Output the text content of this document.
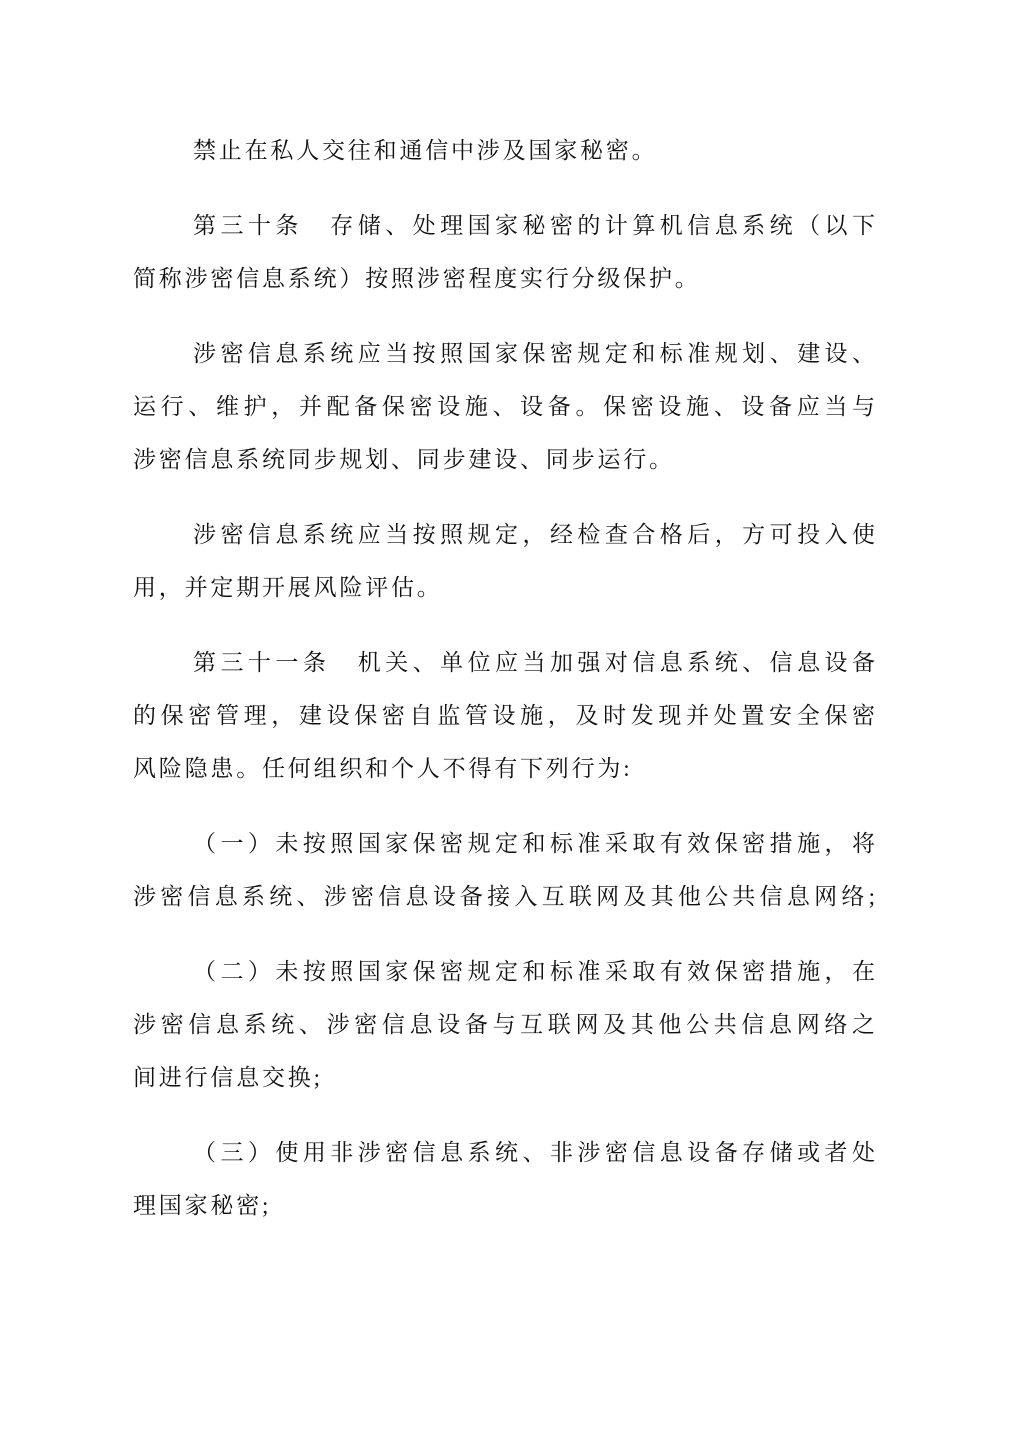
禁止在私人交往和通信中涉及国家秘密。
第三十条　存储、处理国家秘密的计算机信息系统（以下
简称涉密信息系统）按照涉密程度实行分级保护。
涉密信息系统应当按照国家保密规定和标准规划、建设、
运行、维护，并配备保密设施、设备。保密设施、设备应当与
涉密信息系统同步规划、同步建设、同步运行。
涉密信息系统应当按照规定，经检查合格后，方可投入使
用，并定期开展风险评估。
第三十一条　机关、单位应当加强对信息系统、信息设备
的保密管理，建设保密自监管设施，及时发现并处置安全保密
风险隐患。任何组织和个人不得有下列行为:
（一）未按照国家保密规定和标准采取有效保密措施，将
涉密信息系统、涉密信息设备接入互联网及其他公共信息网络;
（二）未按照国家保密规定和标准采取有效保密措施，在
涉密信息系统、涉密信息设备与互联网及其他公共信息网络之
间进行信息交换;
（三）使用非涉密信息系统、非涉密信息设备存储或者处
理国家秘密;
